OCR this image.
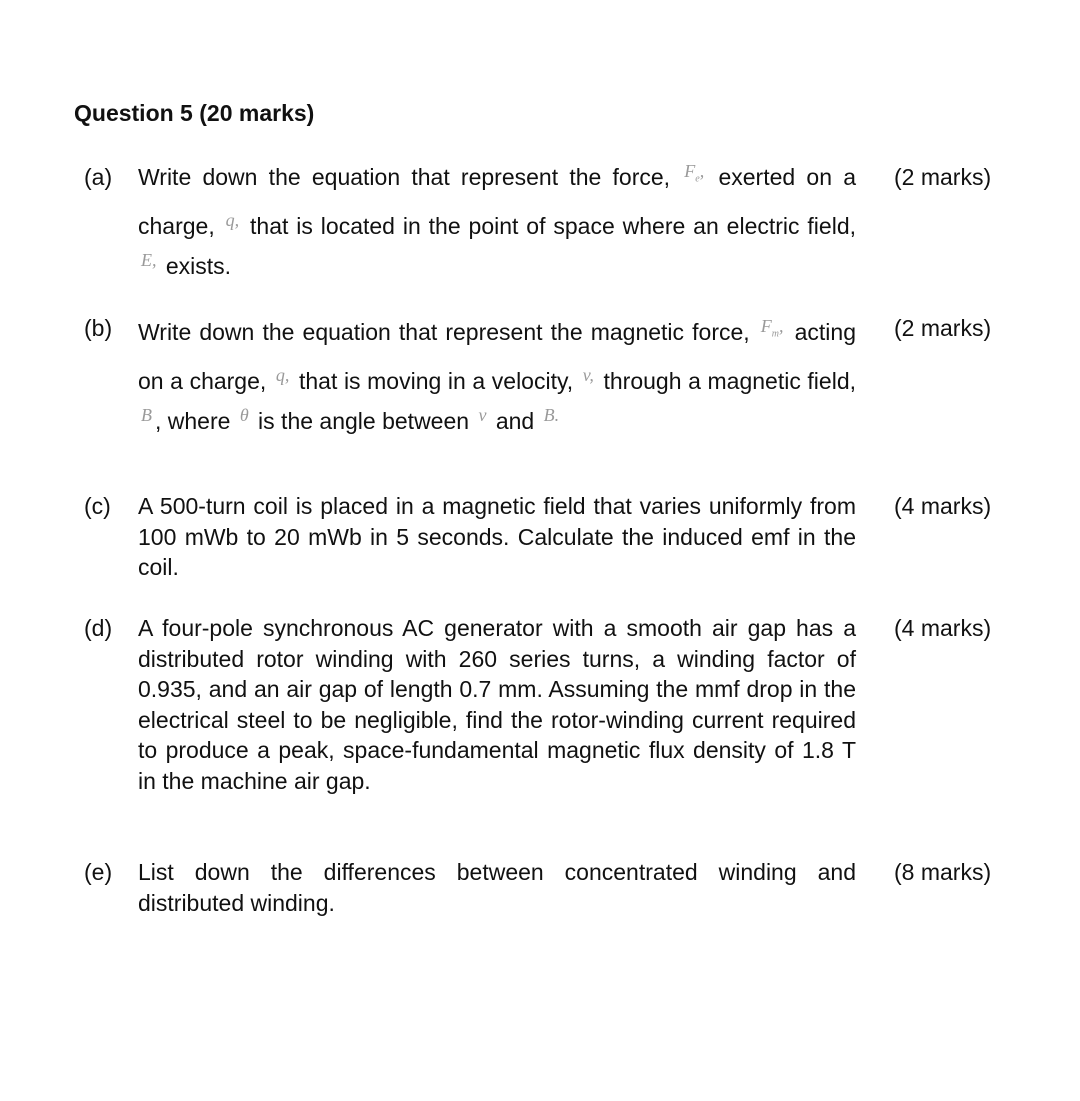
Question 5 (20 marks)
(a) Write down the equation that represent the force, $^{F_e,}$ exerted on a charge, $^{q,}$ that is located in the point of space where an electric field, $^{E,}$ exists.

(2 marks)
(b) Write down the equation that represent the magnetic force, $^{F_m,}$ acting on a charge, $^{q,}$ that is moving in a velocity, $^{v,}$ through a magnetic field, $^B$ , where $^\theta$ is the angle between $^v$ and $^{B.}$

(2 marks)
(c) A 500-turn coil is placed in a magnetic field that varies uniformly from 100 mWb to 20 mWb in 5 seconds. Calculate the induced emf in the coil.

(4 marks)
(d) A four-pole synchronous AC generator with a smooth air gap has a distributed rotor winding with 260 series turns, a winding factor of 0.935, and an air gap of length 0.7 mm. Assuming the mmf drop in the electrical steel to be negligible, find the rotor-winding current required to produce a peak, space-fundamental magnetic flux density of 1.8 T in the machine air gap.

(4 marks)
(e) List down the differences between concentrated winding and distributed winding.

(8 marks)
